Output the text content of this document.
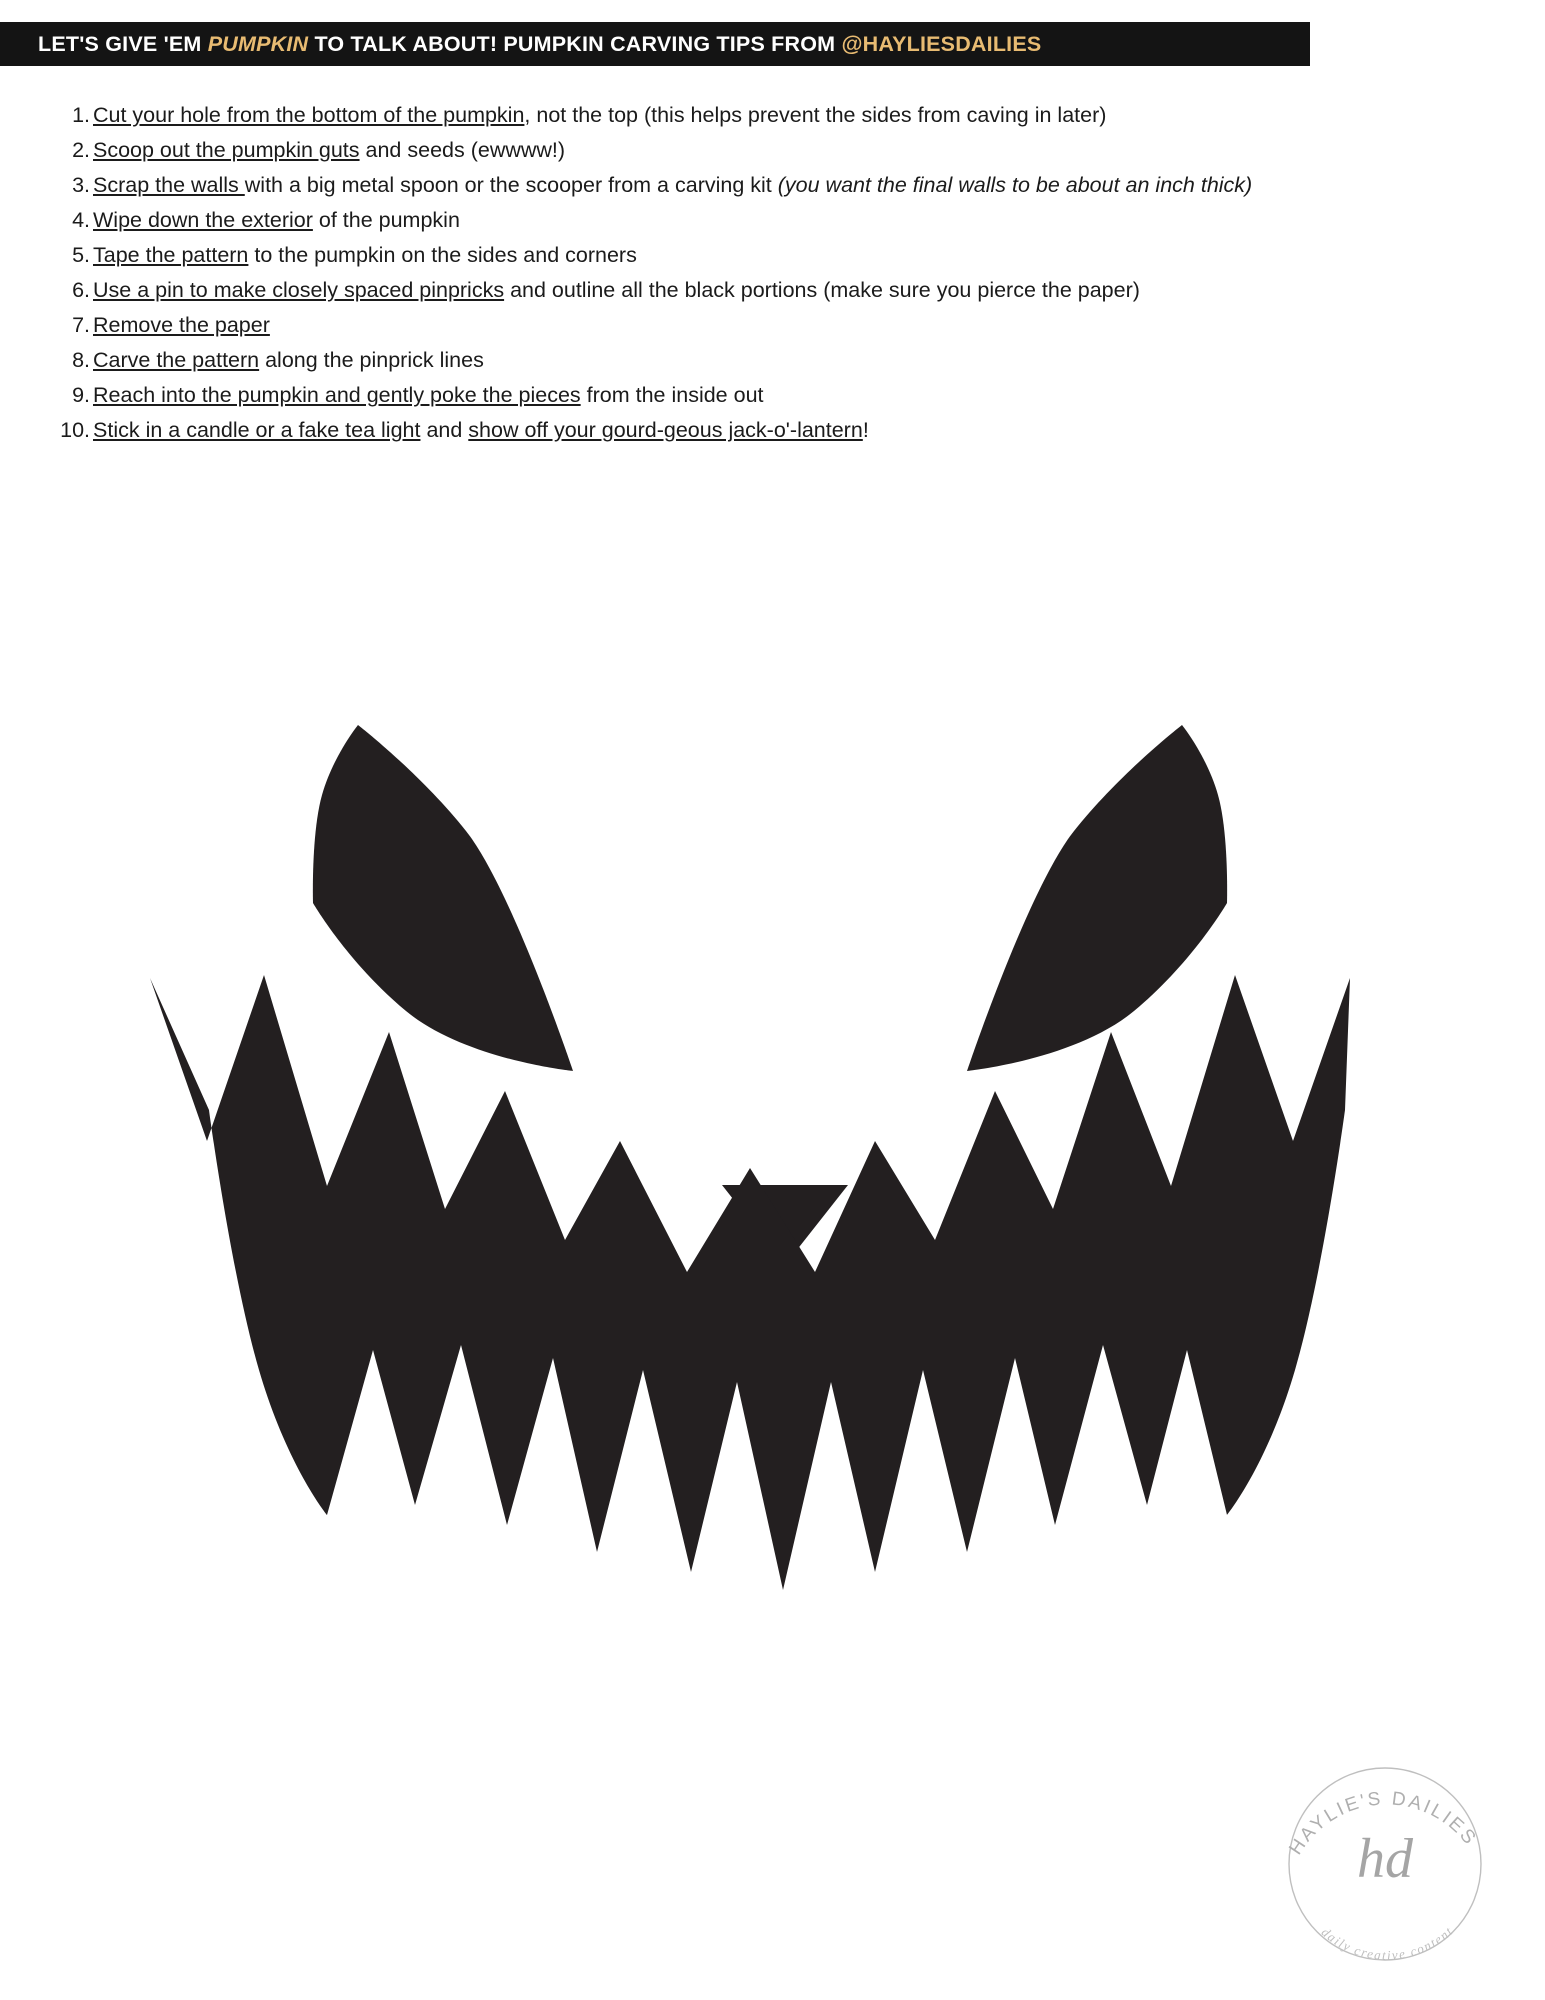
LET'S GIVE 'EM PUMPKIN TO TALK ABOUT! PUMPKIN CARVING TIPS FROM @HAYLIESDAILIES
1. Cut your hole from the bottom of the pumpkin, not the top (this helps prevent the sides from caving in later)
2. Scoop out the pumpkin guts and seeds (ewwww!)
3. Scrap the walls with a big metal spoon or the scooper from a carving kit (you want the final walls to be about an inch thick)
4. Wipe down the exterior of the pumpkin
5. Tape the pattern to the pumpkin on the sides and corners
6. Use a pin to make closely spaced pinpricks and outline all the black portions (make sure you pierce the paper)
7. Remove the paper
8. Carve the pattern along the pinprick lines
9. Reach into the pumpkin and gently poke the pieces from the inside out
10. Stick in a candle or a fake tea light and show off your gourd-geous jack-o'-lantern!
HAYLIE'S DAILIES
daily creative content
hd
